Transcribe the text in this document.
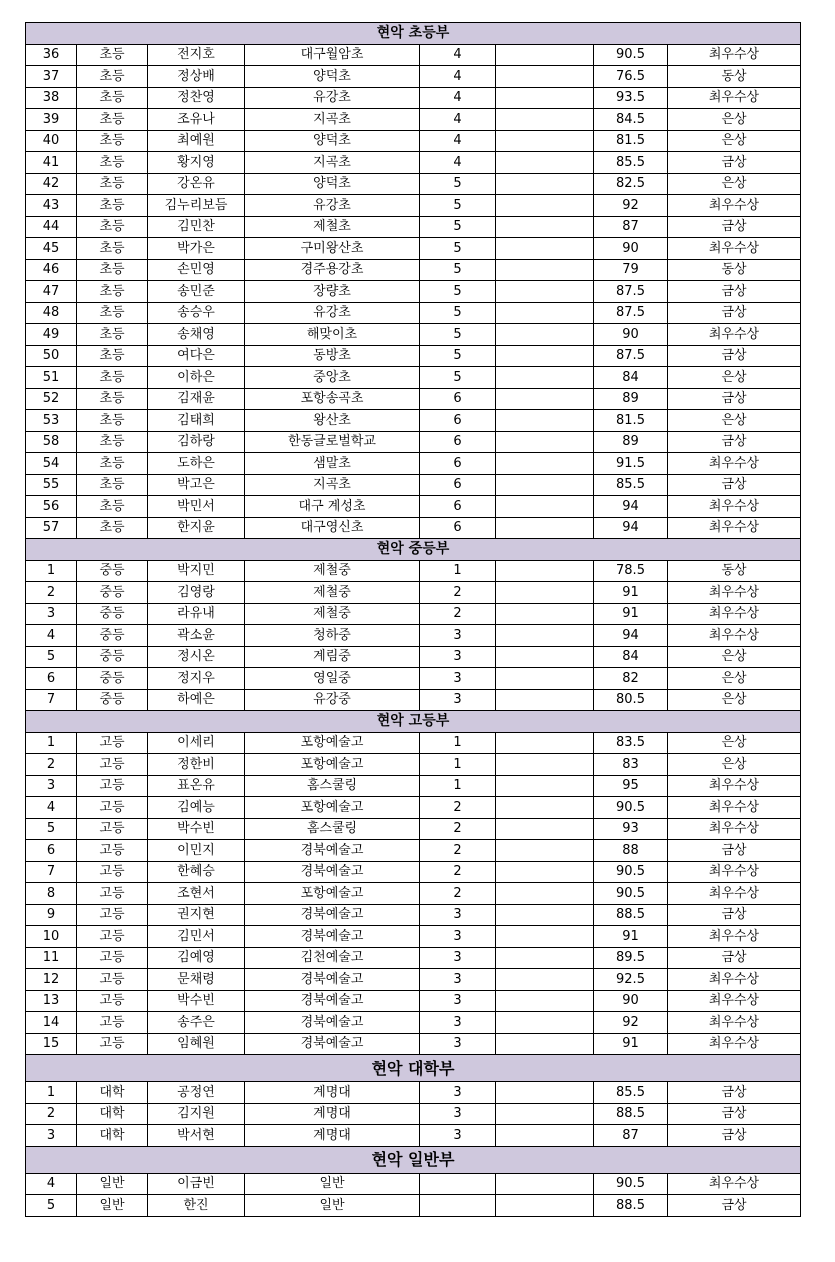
현악 초등부							
36	초등	전지호	대구월암초	4		90.5	최우수상
37	초등	정상배	양덕초	4		76.5	동상
38	초등	정찬영	유강초	4		93.5	최우수상
39	초등	조유나	지곡초	4		84.5	은상
40	초등	최예원	양덕초	4		81.5	은상
41	초등	황지영	지곡초	4		85.5	금상
42	초등	강온유	양덕초	5		82.5	은상
43	초등	김누리보듬	유강초	5		92	최우수상
44	초등	김민찬	제철초	5		87	금상
45	초등	박가은	구미왕산초	5		90	최우수상
46	초등	손민영	경주용강초	5		79	동상
47	초등	송민준	장량초	5		87.5	금상
48	초등	송승우	유강초	5		87.5	금상
49	초등	송채영	해맞이초	5		90	최우수상
50	초등	여다은	동방초	5		87.5	금상
51	초등	이하은	중앙초	5		84	은상
52	초등	김재윤	포항송곡초	6		89	금상
53	초등	김태희	왕산초	6		81.5	은상
58	초등	김하랑	한동글로벌학교	6		89	금상
54	초등	도하은	샘말초	6		91.5	최우수상
55	초등	박고은	지곡초	6		85.5	금상
56	초등	박민서	대구 계성초	6		94	최우수상
57	초등	한지윤	대구영신초	6		94	최우수상
현악 중등부							
1	중등	박지민	제철중	1		78.5	동상
2	중등	김영랑	제철중	2		91	최우수상
3	중등	라유내	제철중	2		91	최우수상
4	중등	곽소윤	청하중	3		94	최우수상
5	중등	정시온	계림중	3		84	은상
6	중등	정지우	영일중	3		82	은상
7	중등	하예은	유강중	3		80.5	은상
현악 고등부							
1	고등	이세리	포항예술고	1		83.5	은상
2	고등	정한비	포항예술고	1		83	은상
3	고등	표온유	홈스쿨링	1		95	최우수상
4	고등	김예능	포항예술고	2		90.5	최우수상
5	고등	박수빈	홈스쿨링	2		93	최우수상
6	고등	이민지	경북예술고	2		88	금상
7	고등	한혜승	경북예술고	2		90.5	최우수상
8	고등	조현서	포항예술고	2		90.5	최우수상
9	고등	권지현	경북예술고	3		88.5	금상
10	고등	김민서	경북예술고	3		91	최우수상
11	고등	김예영	김천예술고	3		89.5	금상
12	고등	문채령	경북예술고	3		92.5	최우수상
13	고등	박수빈	경북예술고	3		90	최우수상
14	고등	송주은	경북예술고	3		92	최우수상
15	고등	임혜원	경북예술고	3		91	최우수상
현악 대학부							
1	대학	공정연	계명대	3		85.5	금상
2	대학	김지원	계명대	3		88.5	금상
3	대학	박서현	계명대	3		87	금상
현악 일반부							
4	일반	이금빈	일반			90.5	최우수상
5	일반	한진	일반			88.5	금상
